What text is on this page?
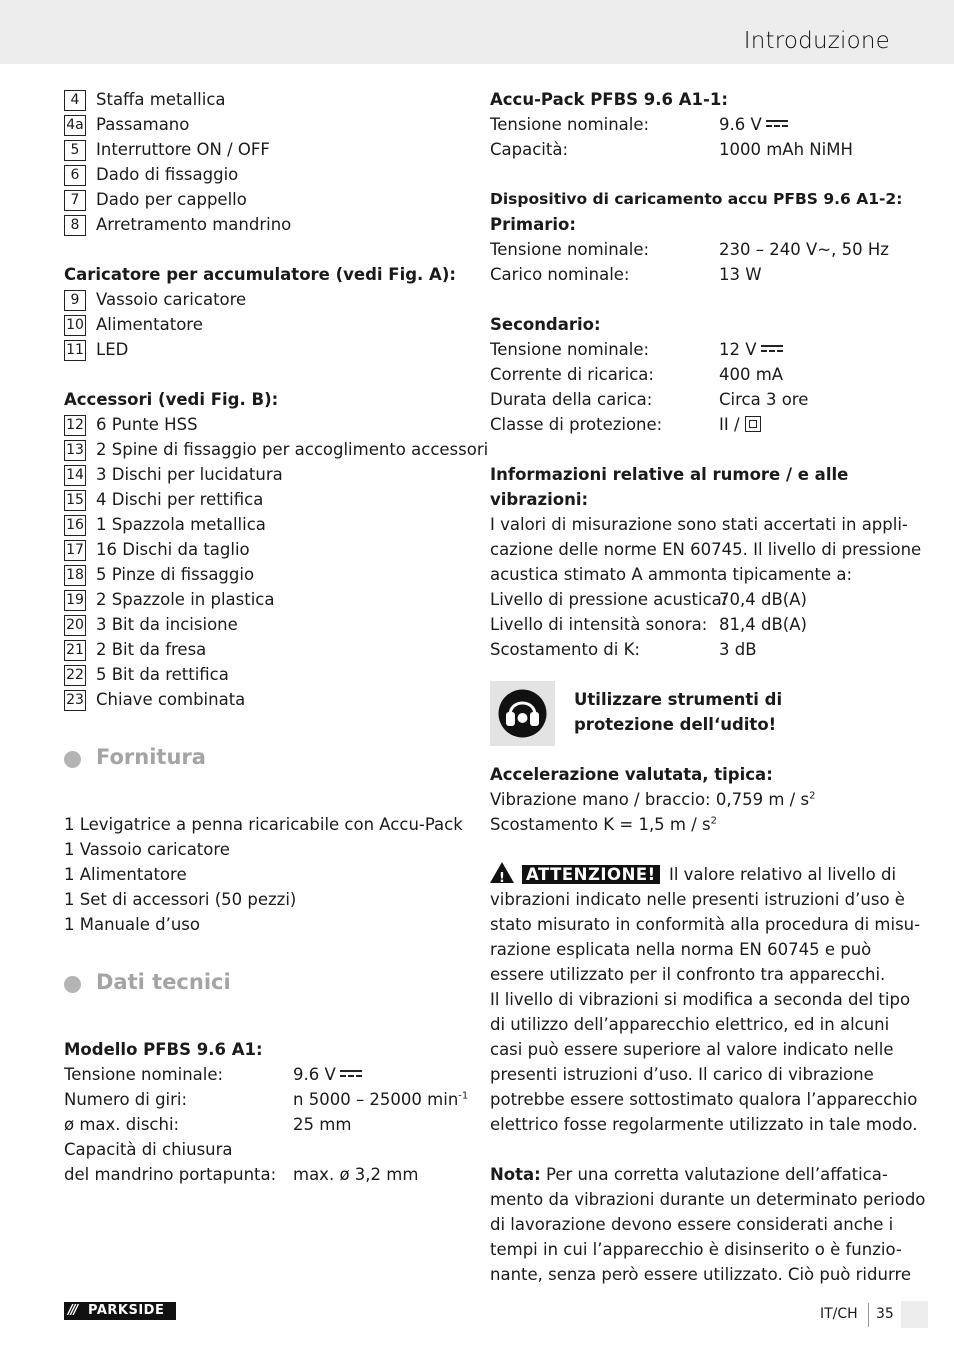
Introduzione
4 Staffa metallica
4a Passamano
5 Interruttore ON / OFF
6 Dado di fissaggio
7 Dado per cappello
8 Arretramento mandrino
Caricatore per accumulatore (vedi Fig. A):
9 Vassoio caricatore
10 Alimentatore
11 LED
Accessori (vedi Fig. B):
12 6 Punte HSS
13 2 Spine di fissaggio per accoglimento accessori
14 3 Dischi per lucidatura
15 4 Dischi per rettifica
16 1 Spazzola metallica
17 16 Dischi da taglio
18 5 Pinze di fissaggio
19 2 Spazzole in plastica
20 3 Bit da incisione
21 2 Bit da fresa
22 5 Bit da rettifica
23 Chiave combinata
Fornitura
1 Levigatrice a penna ricaricabile con Accu-Pack
1 Vassoio caricatore
1 Alimentatore
1 Set di accessori (50 pezzi)
1 Manuale d’uso
Dati tecnici
Modello PFBS 9.6 A1:
Tensione nominale:	9.6 V
Numero di giri:	n 5000 – 25000 $\min^{-1}$
ø max. dischi:	25 mm
Capacità di chiusura
del mandrino portapunta: max. ø 3,2 mm
Accu-Pack PFBS 9.6 A1-1:
Tensione nominale:	9.6 V
Capacità:	1000 mAh NiMH
Dispositivo di caricamento accu PFBS 9.6 A1-2:
Primario:
Tensione nominale:	230 – 240 V~, 50 Hz
Carico nominale:	13 W
Secondario:
Tensione nominale:	12 V
Corrente di ricarica:	400 mA
Durata della carica:	Circa 3 ore
Classe di protezione:	II /
Informazioni relative al rumore / e alle
vibrazioni:
I valori di misurazione sono stati accertati in appli-
cazione delle norme EN 60745. Il livello di pressione
acustica stimato A ammonta tipicamente a:
Livello di pressione acustica:
70,4 dB(A)
Livello di intensità sonora: 81,4 dB(A)
Scostamento di K:	3 dB
Utilizzare strumenti di
protezione dell‘udito!
Accelerazione valutata, tipica:
Vibrazione mano / braccio: 0,759 m / $s^2$
Scostamento K = 1,5 m / $s^2$
!ATTENZIONE! Il valore relativo al livello di
vibrazioni indicato nelle presenti istruzioni d’uso è
stato misurato in conformità alla procedura di misu-
razione esplicata nella norma EN 60745 e può
essere utilizzato per il confronto tra apparecchi.
Il livello di vibrazioni si modifica a seconda del tipo
di utilizzo dell’apparecchio elettrico, ed in alcuni
casi può essere superiore al valore indicato nelle
presenti istruzioni d’uso. Il carico di vibrazione
potrebbe essere sottostimato qualora l’apparecchio
elettrico fosse regolarmente utilizzato in tale modo.
Nota: Per una corretta valutazione dell’affatica-
mento da vibrazioni durante un determinato periodo
di lavorazione devono essere considerati anche i
tempi in cui l’apparecchio è disinserito o è funzio-
nante, senza però essere utilizzato. Ciò può ridurre
/// PARKSIDE	IT/CH 35
